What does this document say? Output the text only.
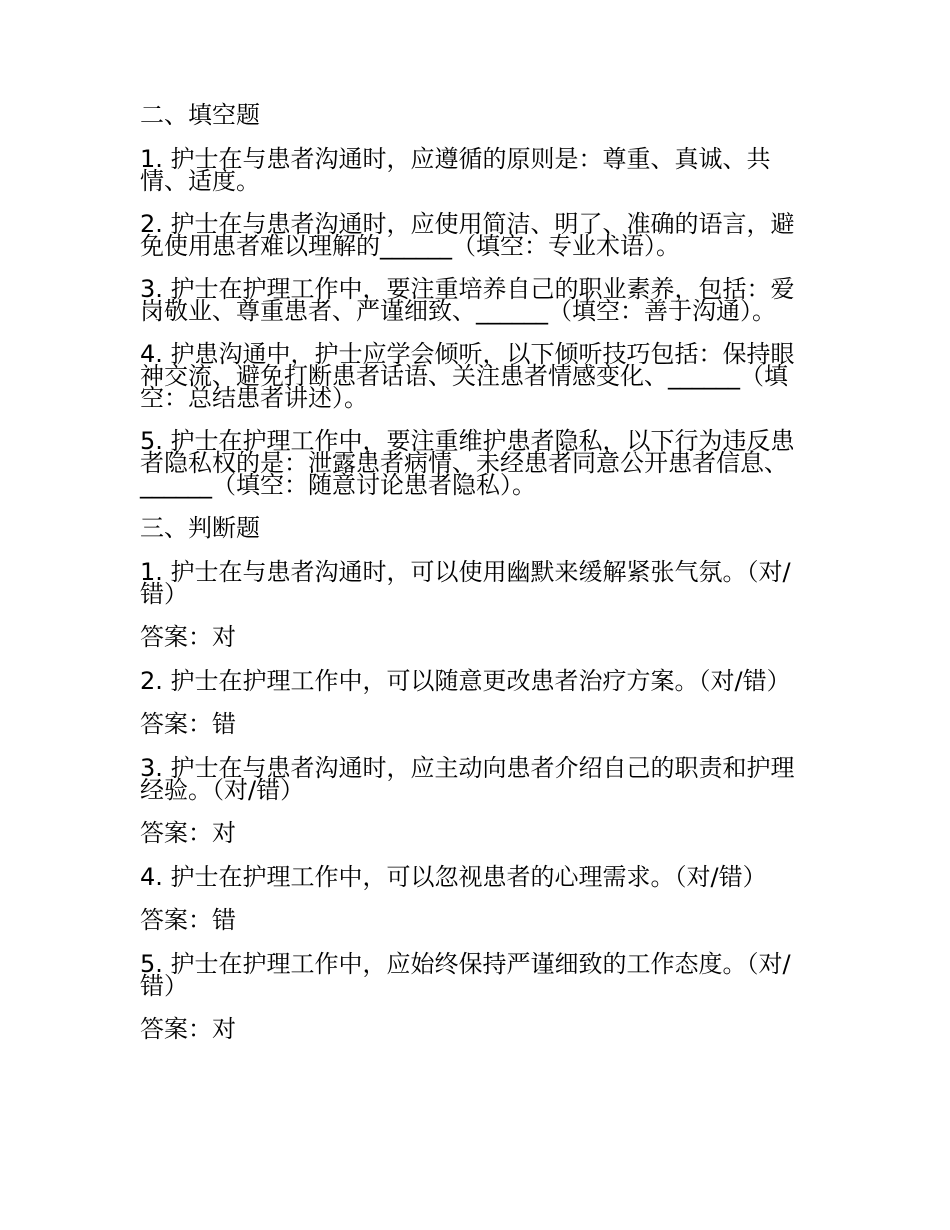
二、填空题

1. 护士在与患者沟通时，应遵循的原则是：尊重、真诚、共情、适度。

2. 护士在与患者沟通时，应使用简洁、明了、准确的语言，避免使用患者难以理解的______（填空：专业术语）。

3. 护士在护理工作中，要注重培养自己的职业素养，包括：爱岗敬业、尊重患者、严谨细致、______（填空：善于沟通）。

4. 护患沟通中，护士应学会倾听，以下倾听技巧包括：保持眼神交流、避免打断患者话语、关注患者情感变化、______（填空：总结患者讲述）。

5. 护士在护理工作中，要注重维护患者隐私，以下行为违反患者隐私权的是：泄露患者病情、未经患者同意公开患者信息、______（填空：随意讨论患者隐私）。

三、判断题

1. 护士在与患者沟通时，可以使用幽默来缓解紧张气氛。（对/错）

答案：对

2. 护士在护理工作中，可以随意更改患者治疗方案。（对/错）

答案：错

3. 护士在与患者沟通时，应主动向患者介绍自己的职责和护理经验。（对/错）

答案：对

4. 护士在护理工作中，可以忽视患者的心理需求。（对/错）

答案：错

5. 护士在护理工作中，应始终保持严谨细致的工作态度。（对/错）

答案：对
